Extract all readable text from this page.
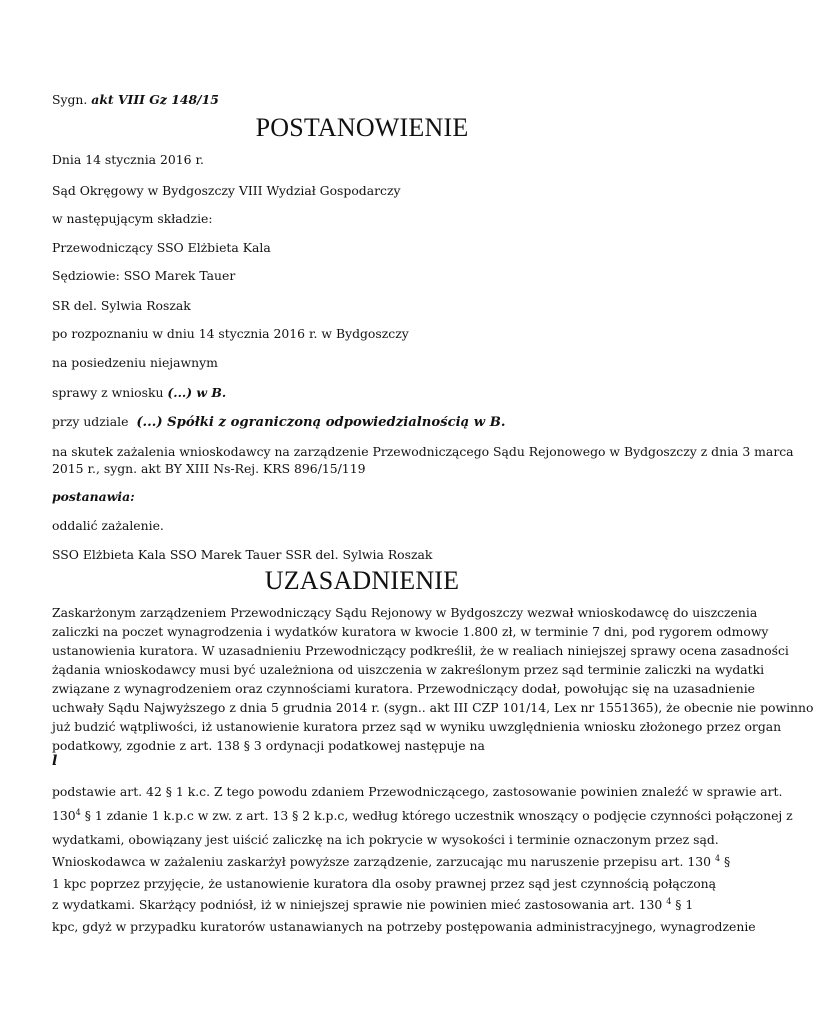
Sygn. akt VIII Gz 148/15
POSTANOWIENIE
Dnia 14 stycznia 2016 r.
Sąd Okręgowy w Bydgoszczy VIII Wydział Gospodarczy
w następującym składzie:
Przewodniczący SSO Elżbieta Kala
Sędziowie: SSO Marek Tauer
SR del. Sylwia Roszak
po rozpoznaniu w dniu 14 stycznia 2016 r. w Bydgoszczy
na posiedzeniu niejawnym
sprawy z wniosku (...) w B.
przy udziale (...) Spółki z ograniczoną odpowiedzialnością w B.
na skutek zażalenia wnioskodawcy na zarządzenie Przewodniczącego Sądu Rejonowego w Bydgoszczy z dnia 3 marca
2015 r., sygn. akt BY XIII Ns-Rej. KRS 896/15/119
postanawia:
oddalić zażalenie.
SSO Elżbieta Kala SSO Marek Tauer SSR del. Sylwia Roszak
UZASADNIENIE
Zaskarżonym zarządzeniem Przewodniczący Sądu Rejonowy w Bydgoszczy wezwał wnioskodawcę do uiszczenia
zaliczki na poczet wynagrodzenia i wydatków kuratora w kwocie 1.800 zł, w terminie 7 dni, pod rygorem odmowy
ustanowienia kuratora. W uzasadnieniu Przewodniczący podkreślił, że w realiach niniejszej sprawy ocena zasadności
żądania wnioskodawcy musi być uzależniona od uiszczenia w zakreślonym przez sąd terminie zaliczki na wydatki
związane z wynagrodzeniem oraz czynnościami kuratora. Przewodniczący dodał, powołując się na uzasadnienie
uchwały Sądu Najwyższego z dnia 5 grudnia 2014 r. (sygn.. akt III CZP 101/14, Lex nr 1551365), że obecnie nie powinno
już budzić wątpliwości, iż ustanowienie kuratora przez sąd w wyniku uwzględnienia wniosku złożonego przez organ
podatkowy, zgodnie z art. 138 § 3 ordynacji podatkowej następuje na
l
podstawie art. 42 § 1 k.c. Z tego powodu zdaniem Przewodniczącego, zastosowanie powinien znaleźć w sprawie art.
$130^4$ § 1 zdanie 1 k.p.c w zw. z art. 13 § 2 k.p.c, według którego uczestnik wnoszący o podjęcie czynności połączonej z
wydatkami, obowiązany jest uiścić zaliczkę na ich pokrycie w wysokości i terminie oznaczonym przez sąd.
Wnioskodawca w zażaleniu zaskarżył powyższe zarządzenie, zarzucając mu naruszenie przepisu art. 130 $^4$ §
1 kpc poprzez przyjęcie, że ustanowienie kuratora dla osoby prawnej przez sąd jest czynnością połączoną
z wydatkami. Skarżący podniósł, iż w niniejszej sprawie nie powinien mieć zastosowania art. 130 $^4$ § 1
kpc, gdyż w przypadku kuratorów ustanawianych na potrzeby postępowania administracyjnego, wynagrodzenie
